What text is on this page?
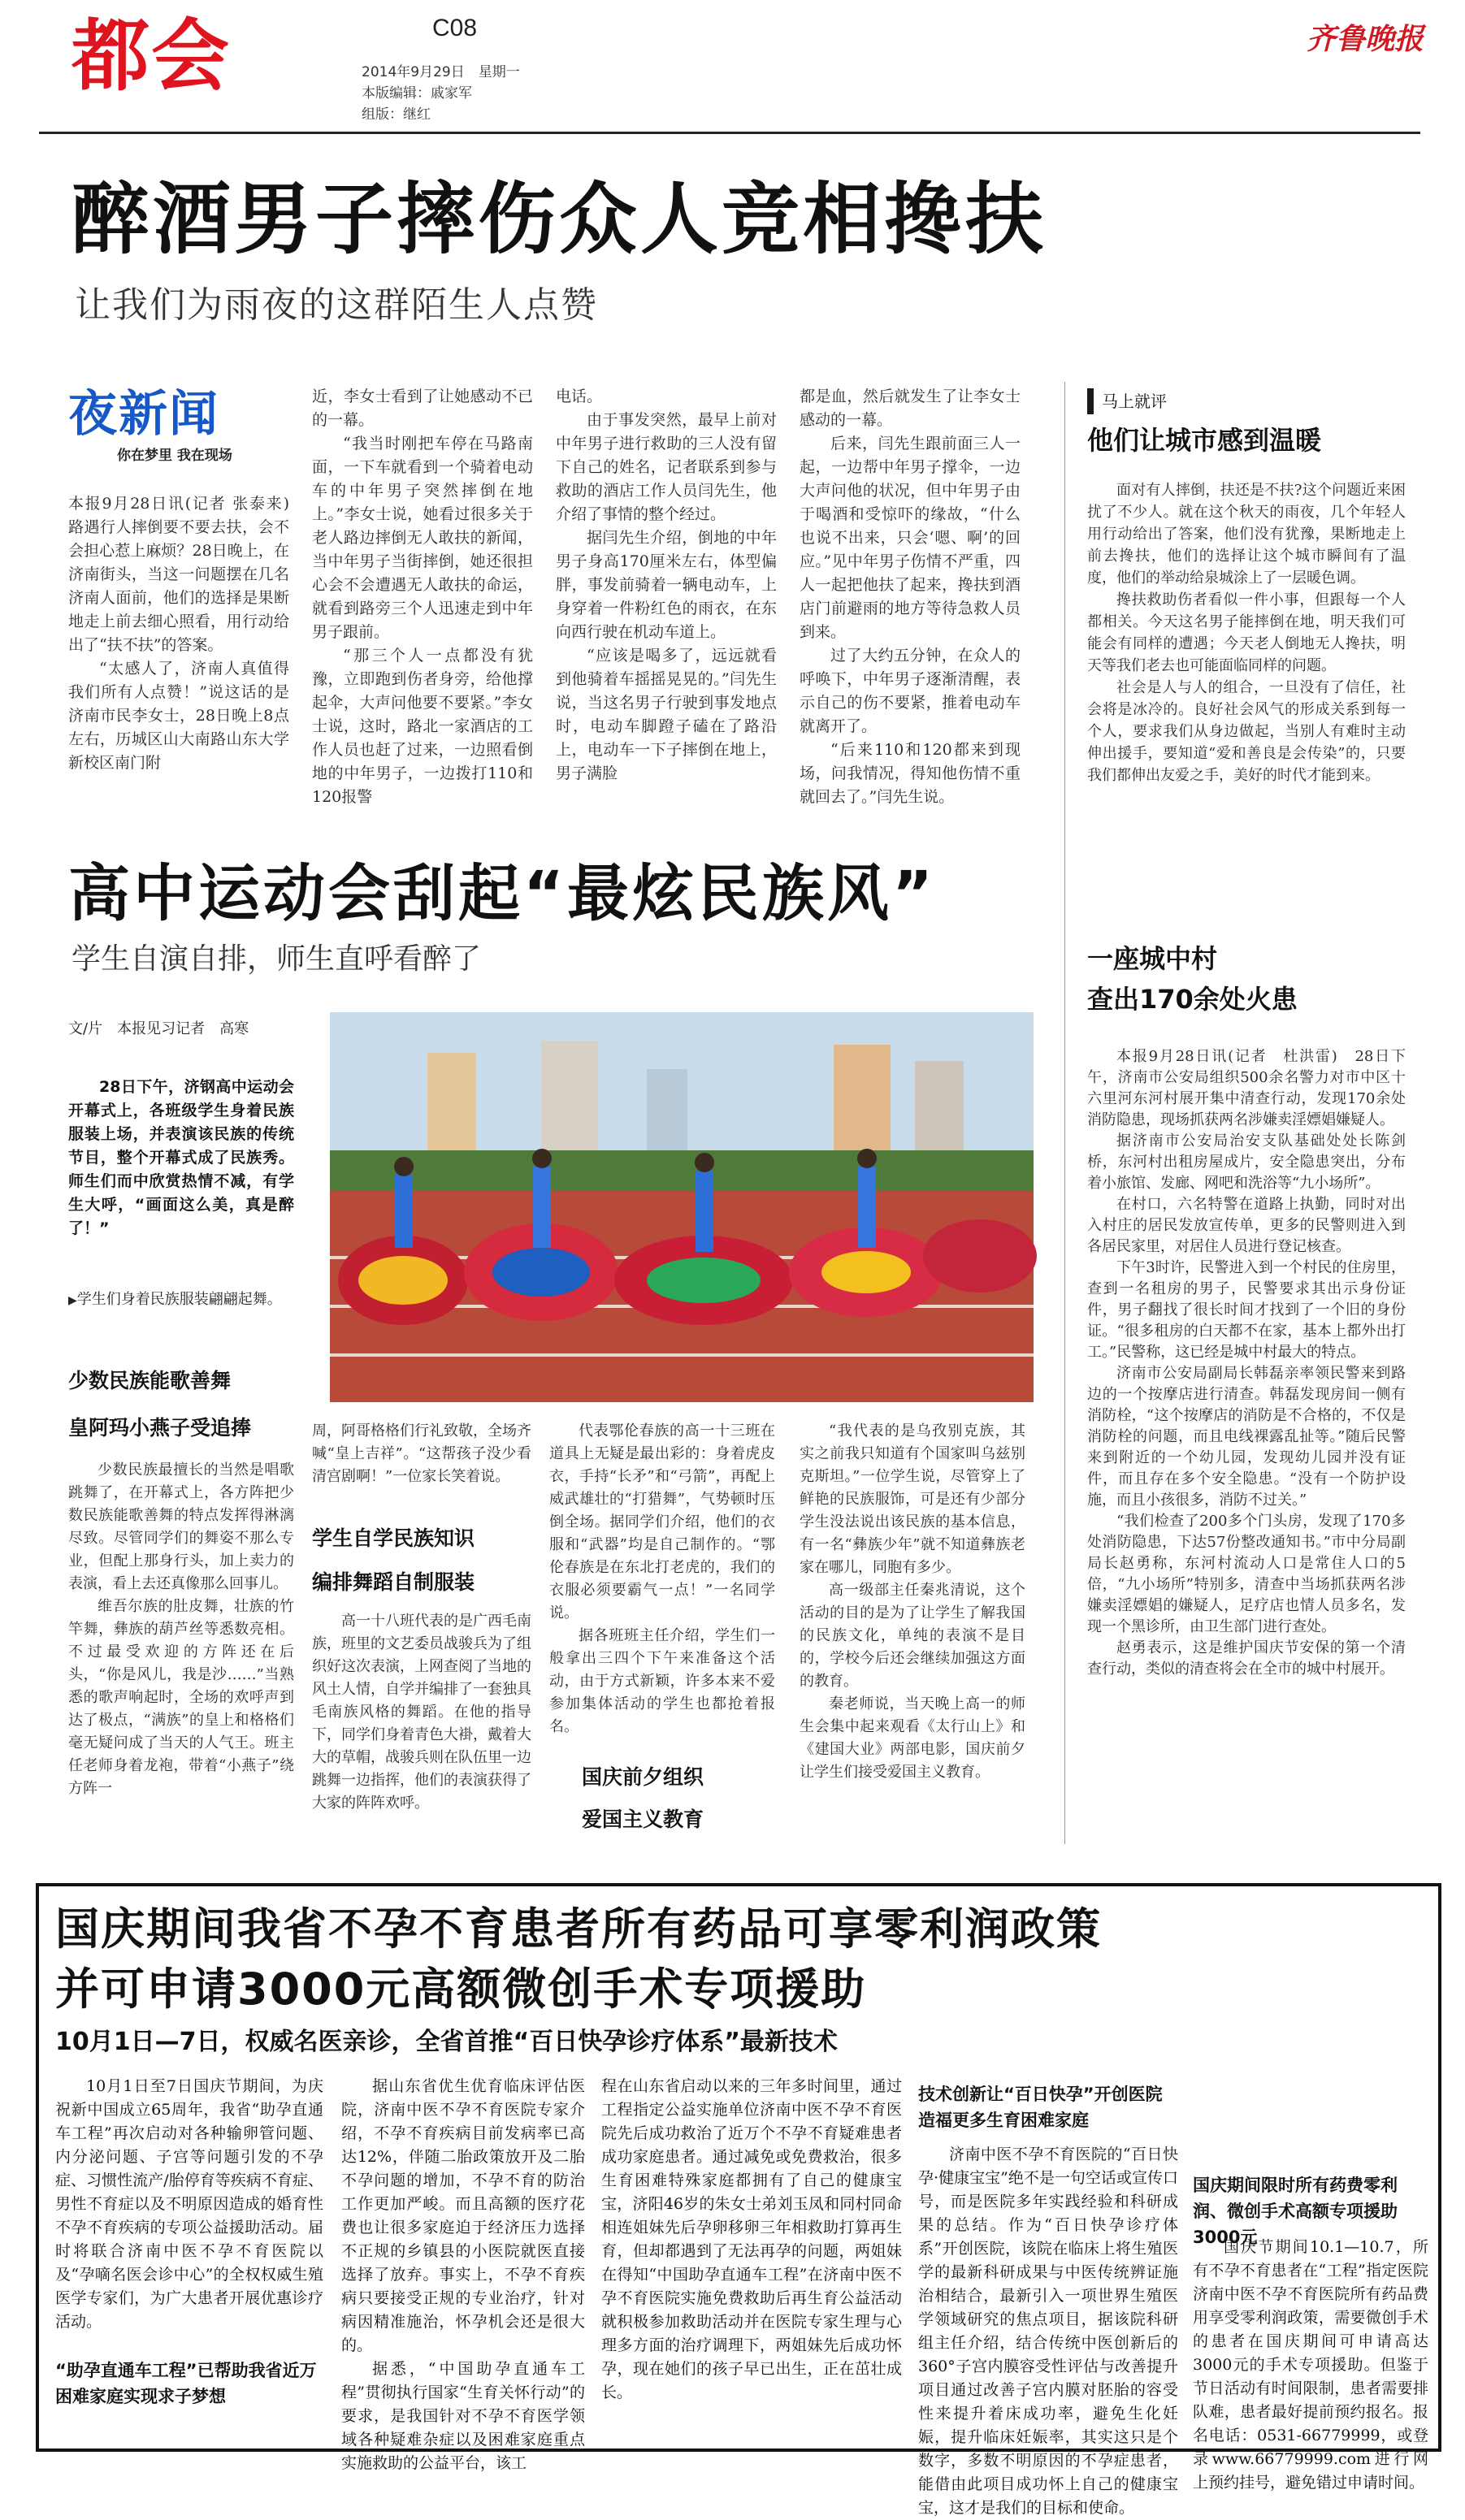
都会	C08
2014年9月29日　星期一
本版编辑：戚家军
组版：继红
齐鲁晚报
醉酒男子摔伤众人竞相搀扶
让我们为雨夜的这群陌生人点赞
夜新闻
你在梦里 我在现场

本报9月28日讯(记者 张泰来) 路遇行人摔倒要不要去扶，会不会担心惹上麻烦？28日晚上，在济南街头，当这一问题摆在几名济南人面前，他们的选择是果断地走上前去细心照看，用行动给出了“扶不扶”的答案。

“太感人了，济南人真值得我们所有人点赞！”说这话的是济南市民李女士，28日晚上8点左右，历城区山大南路山东大学新校区南门附

近，李女士看到了让她感动不已的一幕。

“我当时刚把车停在马路南面，一下车就看到一个骑着电动车的中年男子突然摔倒在地上。”李女士说，她看过很多关于老人路边摔倒无人敢扶的新闻，当中年男子当街摔倒，她还很担心会不会遭遇无人敢扶的命运，就看到路旁三个人迅速走到中年男子跟前。

“那三个人一点都没有犹豫，立即跑到伤者身旁，给他撑起伞，大声问他要不要紧。”李女士说，这时，路北一家酒店的工作人员也赶了过来，一边照看倒地的中年男子，一边拨打110和120报警

电话。

由于事发突然，最早上前对中年男子进行救助的三人没有留下自己的姓名，记者联系到参与救助的酒店工作人员闫先生，他介绍了事情的整个经过。

据闫先生介绍，倒地的中年男子身高170厘米左右，体型偏胖，事发前骑着一辆电动车，上身穿着一件粉红色的雨衣，在东向西行驶在机动车道上。

“应该是喝多了，远远就看到他骑着车摇摇晃晃的。”闫先生说，当这名男子行驶到事发地点时，电动车脚蹬子磕在了路沿上，电动车一下子摔倒在地上，男子满脸

都是血，然后就发生了让李女士感动的一幕。

后来，闫先生跟前面三人一起，一边帮中年男子撑伞，一边大声问他的状况，但中年男子由于喝酒和受惊吓的缘故，“什么也说不出来，只会‘嗯、啊’的回应。”见中年男子伤情不严重，四人一起把他扶了起来，搀扶到酒店门前避雨的地方等待急救人员到来。

过了大约五分钟，在众人的呼唤下，中年男子逐渐清醒，表示自己的伤不要紧，推着电动车就离开了。

“后来110和120都来到现场，问我情况，得知他伤情不重就回去了。”闫先生说。

马上就评
他们让城市感到温暖

面对有人摔倒，扶还是不扶?这个问题近来困扰了不少人。就在这个秋天的雨夜，几个年轻人用行动给出了答案，他们没有犹豫，果断地走上前去搀扶，他们的选择让这个城市瞬间有了温度，他们的举动给泉城涂上了一层暖色调。

搀扶救助伤者看似一件小事，但跟每一个人都相关。今天这名男子能摔倒在地，明天我们可能会有同样的遭遇；今天老人倒地无人搀扶，明天等我们老去也可能面临同样的问题。

社会是人与人的组合，一旦没有了信任，社会将是冰冷的。良好社会风气的形成关系到每一个人，要求我们从身边做起，当别人有难时主动伸出援手，要知道“爱和善良是会传染”的，只要我们都伸出友爱之手，美好的时代才能到来。

高中运动会刮起“最炫民族风”
学生自演自排，师生直呼看醉了
文/片　本报见习记者　高寒

28日下午，济钢高中运动会开幕式上，各班级学生身着民族服装上场，并表演该民族的传统节目，整个开幕式成了民族秀。师生们而中欣赏热情不减，有学生大呼，“画面这么美，真是醉了！”

▶学生们身着民族服装翩翩起舞。
少数民族能歌善舞
皇阿玛小燕子受追捧

少数民族最擅长的当然是唱歌跳舞了，在开幕式上，各方阵把少数民族能歌善舞的特点发挥得淋漓尽致。尽管同学们的舞姿不那么专业，但配上那身行头，加上卖力的表演，看上去还真像那么回事儿。

维吾尔族的肚皮舞，壮族的竹竿舞，彝族的葫芦丝等悉数亮相。不过最受欢迎的方阵还在后头，“你是风儿，我是沙……”当熟悉的歌声响起时，全场的欢呼声到达了极点，“满族”的皇上和格格们毫无疑问成了当天的人气王。班主任老师身着龙袍，带着“小燕子”绕方阵一

周，阿哥格格们行礼致敬，全场齐喊“皇上吉祥”。“这帮孩子没少看清宫剧啊！”一位家长笑着说。

学生自学民族知识
编排舞蹈自制服装

高一十八班代表的是广西毛南族，班里的文艺委员战骏兵为了组织好这次表演，上网查阅了当地的风土人情，自学并编排了一套独具毛南族风格的舞蹈。在他的指导下，同学们身着青色大褂，戴着大大的草帽，战骏兵则在队伍里一边跳舞一边指挥，他们的表演获得了大家的阵阵欢呼。

代表鄂伦春族的高一十三班在道具上无疑是最出彩的：身着虎皮衣，手持“长矛”和“弓箭”，再配上威武雄壮的“打猎舞”，气势顿时压倒全场。据同学们介绍，他们的衣服和“武器”均是自己制作的。“鄂伦春族是在东北打老虎的，我们的衣服必须要霸气一点！”一名同学说。

据各班班主任介绍，学生们一般拿出三四个下午来准备这个活动，由于方式新颖，许多本来不爱参加集体活动的学生也都抢着报名。

国庆前夕组织
爱国主义教育

“我代表的是乌孜别克族，其实之前我只知道有个国家叫乌兹别克斯坦。”一位学生说，尽管穿上了鲜艳的民族服饰，可是还有少部分学生没法说出该民族的基本信息，有一名“彝族少年”就不知道彝族老家在哪儿，同胞有多少。

高一级部主任秦兆清说，这个活动的目的是为了让学生了解我国的民族文化，单纯的表演不是目的，学校今后还会继续加强这方面的教育。

秦老师说，当天晚上高一的师生会集中起来观看《太行山上》和《建国大业》两部电影，国庆前夕让学生们接受爱国主义教育。

一座城中村
查出170余处火患

本报9月28日讯(记者　杜洪雷)　28日下午，济南市公安局组织500余名警力对市中区十六里河东河村展开集中清查行动，发现170余处消防隐患，现场抓获两名涉嫌卖淫嫖娼嫌疑人。

据济南市公安局治安支队基础处处长陈剑桥，东河村出租房屋成片，安全隐患突出，分布着小旅馆、发廊、网吧和洗浴等“九小场所”。

在村口，六名特警在道路上执勤，同时对出入村庄的居民发放宣传单，更多的民警则进入到各居民家里，对居住人员进行登记核查。

下午3时许，民警进入到一个村民的住房里，查到一名租房的男子，民警要求其出示身份证件，男子翻找了很长时间才找到了一个旧的身份证。“很多租房的白天都不在家，基本上都外出打工。”民警称，这已经是城中村最大的特点。

济南市公安局副局长韩磊亲率领民警来到路边的一个按摩店进行清查。韩磊发现房间一侧有消防栓，“这个按摩店的消防是不合格的，不仅是消防栓的问题，而且电线裸露乱扯等。”随后民警来到附近的一个幼儿园，发现幼儿园并没有证件，而且存在多个安全隐患。“没有一个防护设施，而且小孩很多，消防不过关。”

“我们检查了200多个门头房，发现了170多处消防隐患，下达57份整改通知书。”市中分局副局长赵勇称，东河村流动人口是常住人口的5倍，“九小场所”特别多，清查中当场抓获两名涉嫌卖淫嫖娼的嫌疑人，足疗店也情人员多名，发现一个黑诊所，由卫生部门进行查处。

赵勇表示，这是维护国庆节安保的第一个清查行动，类似的清查将会在全市的城中村展开。

国庆期间我省不孕不育患者所有药品可享零利润政策
并可申请3000元高额微创手术专项援助
10月1日—7日，权威名医亲诊，全省首推“百日快孕诊疗体系”最新技术

10月1日至7日国庆节期间，为庆祝新中国成立65周年，我省“助孕直通车工程”再次启动对各种输卵管问题、内分泌问题、子宫等问题引发的不孕症、习惯性流产/胎停育等疾病不育症、男性不育症以及不明原因造成的婚育性不孕不育疾病的专项公益援助活动。届时将联合济南中医不孕不育医院以及“孕嘀名医会诊中心”的全权权威生殖医学专家们，为广大患者开展优惠诊疗活动。

“助孕直通车工程”已帮助我省近万困难家庭实现求子梦想

据山东省优生优育临床评估医院，济南中医不孕不育医院专家介绍，不孕不育疾病目前发病率已高达12%，伴随二胎政策放开及二胎不孕问题的增加，不孕不育的防治工作更加严峻。而且高额的医疗花费也让很多家庭迫于经济压力选择不正规的乡镇县的小医院就医直接选择了放弃。事实上，不孕不育疾病只要接受正规的专业治疗，针对病因精准施治，怀孕机会还是很大的。

据悉，“中国助孕直通车工程”贯彻执行国家“生育关怀行动”的要求，是我国针对不孕不育医学领域各种疑难杂症以及困难家庭重点实施救助的公益平台，该工

程在山东省启动以来的三年多时间里，通过工程指定公益实施单位济南中医不孕不育医院先后成功救治了近万个不孕不育疑难患者成功家庭患者。通过减免或免费救治，很多生育困难特殊家庭都拥有了自己的健康宝宝，济阳46岁的朱女士弟刘玉凤和同村同命相连姐妹先后孕卵移卵三年相救助打算再生育，但却都遇到了无法再孕的问题，两姐妹在得知“中国助孕直通车工程”在济南中医不孕不育医院实施免费救助后再生育公益活动就积极参加救助活动并在医院专家生理与心理多方面的治疗调理下，两姐妹先后成功怀孕，现在她们的孩子早已出生，正在茁壮成长。

技术创新让“百日快孕”开创医院造福更多生育困难家庭

济南中医不孕不育医院的“百日快孕·健康宝宝”绝不是一句空话或宣传口号，而是医院多年实践经验和科研成果的总结。作为“百日快孕诊疗体系”开创医院，该院在临床上将生殖医学的最新科研成果与中医传统辨证施治相结合，最新引入一项世界生殖医学领域研究的焦点项目，据该院科研组主任介绍，结合传统中医创新后的360°子宫内膜容受性评估与改善提升项目通过改善子宫内膜对胚胎的容受性来提升着床成功率，避免生化妊娠，提升临床妊娠率，其实这只是个数字，多数不明原因的不孕症患者，能借由此项目成功怀上自己的健康宝宝，这才是我们的目标和使命。

国庆期间限时所有药费零利润、微创手术高额专项援助3000元

国庆节期间10.1—10.7，所有不孕不育患者在“工程”指定医院济南中医不孕不育医院所有药品费用享受零利润政策，需要微创手术的患者在国庆期间可申请高达3000元的手术专项援助。但鉴于节日活动有时间限制，患者需要排队难，患者最好提前预约报名。报名电话：0531-66779999，或登录www.66779999.com进行网上预约挂号，避免错过申请时间。
